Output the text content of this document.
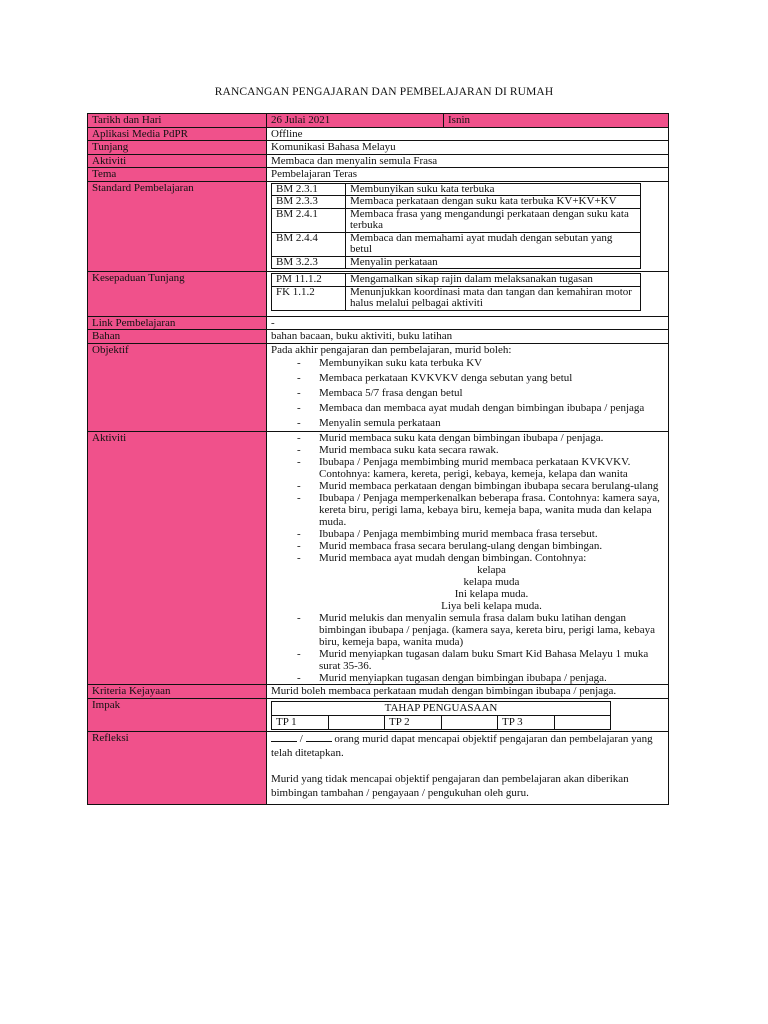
RANCANGAN PENGAJARAN DAN PEMBELAJARAN DI RUMAH
Tarikh dan Hari		26 Julai 2021	Isnin

Aplikasi Media PdPR	Offline
Tunjang	Komunikasi Bahasa Melayu
Aktiviti	Membaca dan menyalin semula Frasa
Tema	Pembelajaran Teras
Standard Pembelajaran		BM 2.3.1	Membunyikan suku kata terbuka
BM 2.3.3	Membaca perkataan dengan suku kata terbuka KV+KV+KV
BM 2.4.1	Membaca frasa yang mengandungi perkataan dengan suku kata terbuka
BM 2.4.4	Membaca dan memahami ayat mudah dengan sebutan yang betul
BM 3.2.3	Menyalin perkataan

Kesepaduan Tunjang		PM 11.1.2	Mengamalkan sikap rajin dalam melaksanakan tugasan
FK 1.1.2	Menunjukkan koordinasi mata dan tangan dan kemahiran motor halus melalui pelbagai aktiviti

Link Pembelajaran	-
Bahan	bahan bacaan, buku aktiviti, buku latihan
Objektif	Pada akhir pengajaran dan pembelajaran, murid boleh:
- Membunyikan suku kata terbuka KV
- Membaca perkataan KVKVKV denga sebutan yang betul
- Membaca 5/7 frasa dengan betul
- Membaca dan membaca ayat mudah dengan bimbingan ibubapa / penjaga
- Menyalin semula perkataan

Aktiviti	
-Murid membaca suku kata dengan bimbingan ibubapa / penjaga.
- Murid membaca suku kata secara rawak.
- Ibubapa / Penjaga membimbing murid membaca perkataan KVKVKV. Contohnya: kamera, kereta, perigi, kebaya, kemeja, kelapa dan wanita
- Murid membaca perkataan dengan bimbingan ibubapa secara berulang-ulang
- Ibubapa / Penjaga memperkenalkan beberapa frasa. Contohnya: kamera saya, kereta biru, perigi lama, kebaya biru, kemeja bapa, wanita muda dan kelapa muda.
- Ibubapa / Penjaga membimbing murid membaca frasa tersebut.
- Murid membaca frasa secara berulang-ulang dengan bimbingan.
- Murid membaca ayat mudah dengan bimbingan. Contohnya:
kelapa
kelapa muda
Ini kelapa muda.
Liya beli kelapa muda.
- Murid melukis dan menyalin semula frasa dalam buku latihan dengan bimbingan ibubapa / penjaga. (kamera saya, kereta biru, perigi lama, kebaya biru, kemeja bapa, wanita muda)
- Murid menyiapkan tugasan dalam buku Smart Kid Bahasa Melayu 1 muka surat 35-36.
- Murid menyiapkan tugasan dengan bimbingan ibubapa / penjaga.

Kriteria Kejayaan	Murid boleh membaca perkataan mudah dengan bimbingan ibubapa / penjaga.
Impak		TAHAP PENGUASAAN
TP 1		TP 2		TP 3	

Refleksi	/	orang murid dapat mencapai objektif pengajaran dan pembelajaran yang telah ditetapkan.
Murid yang tidak mencapai objektif pengajaran dan pembelajaran akan diberikan bimbingan tambahan / pengayaan / pengukuhan oleh guru.
